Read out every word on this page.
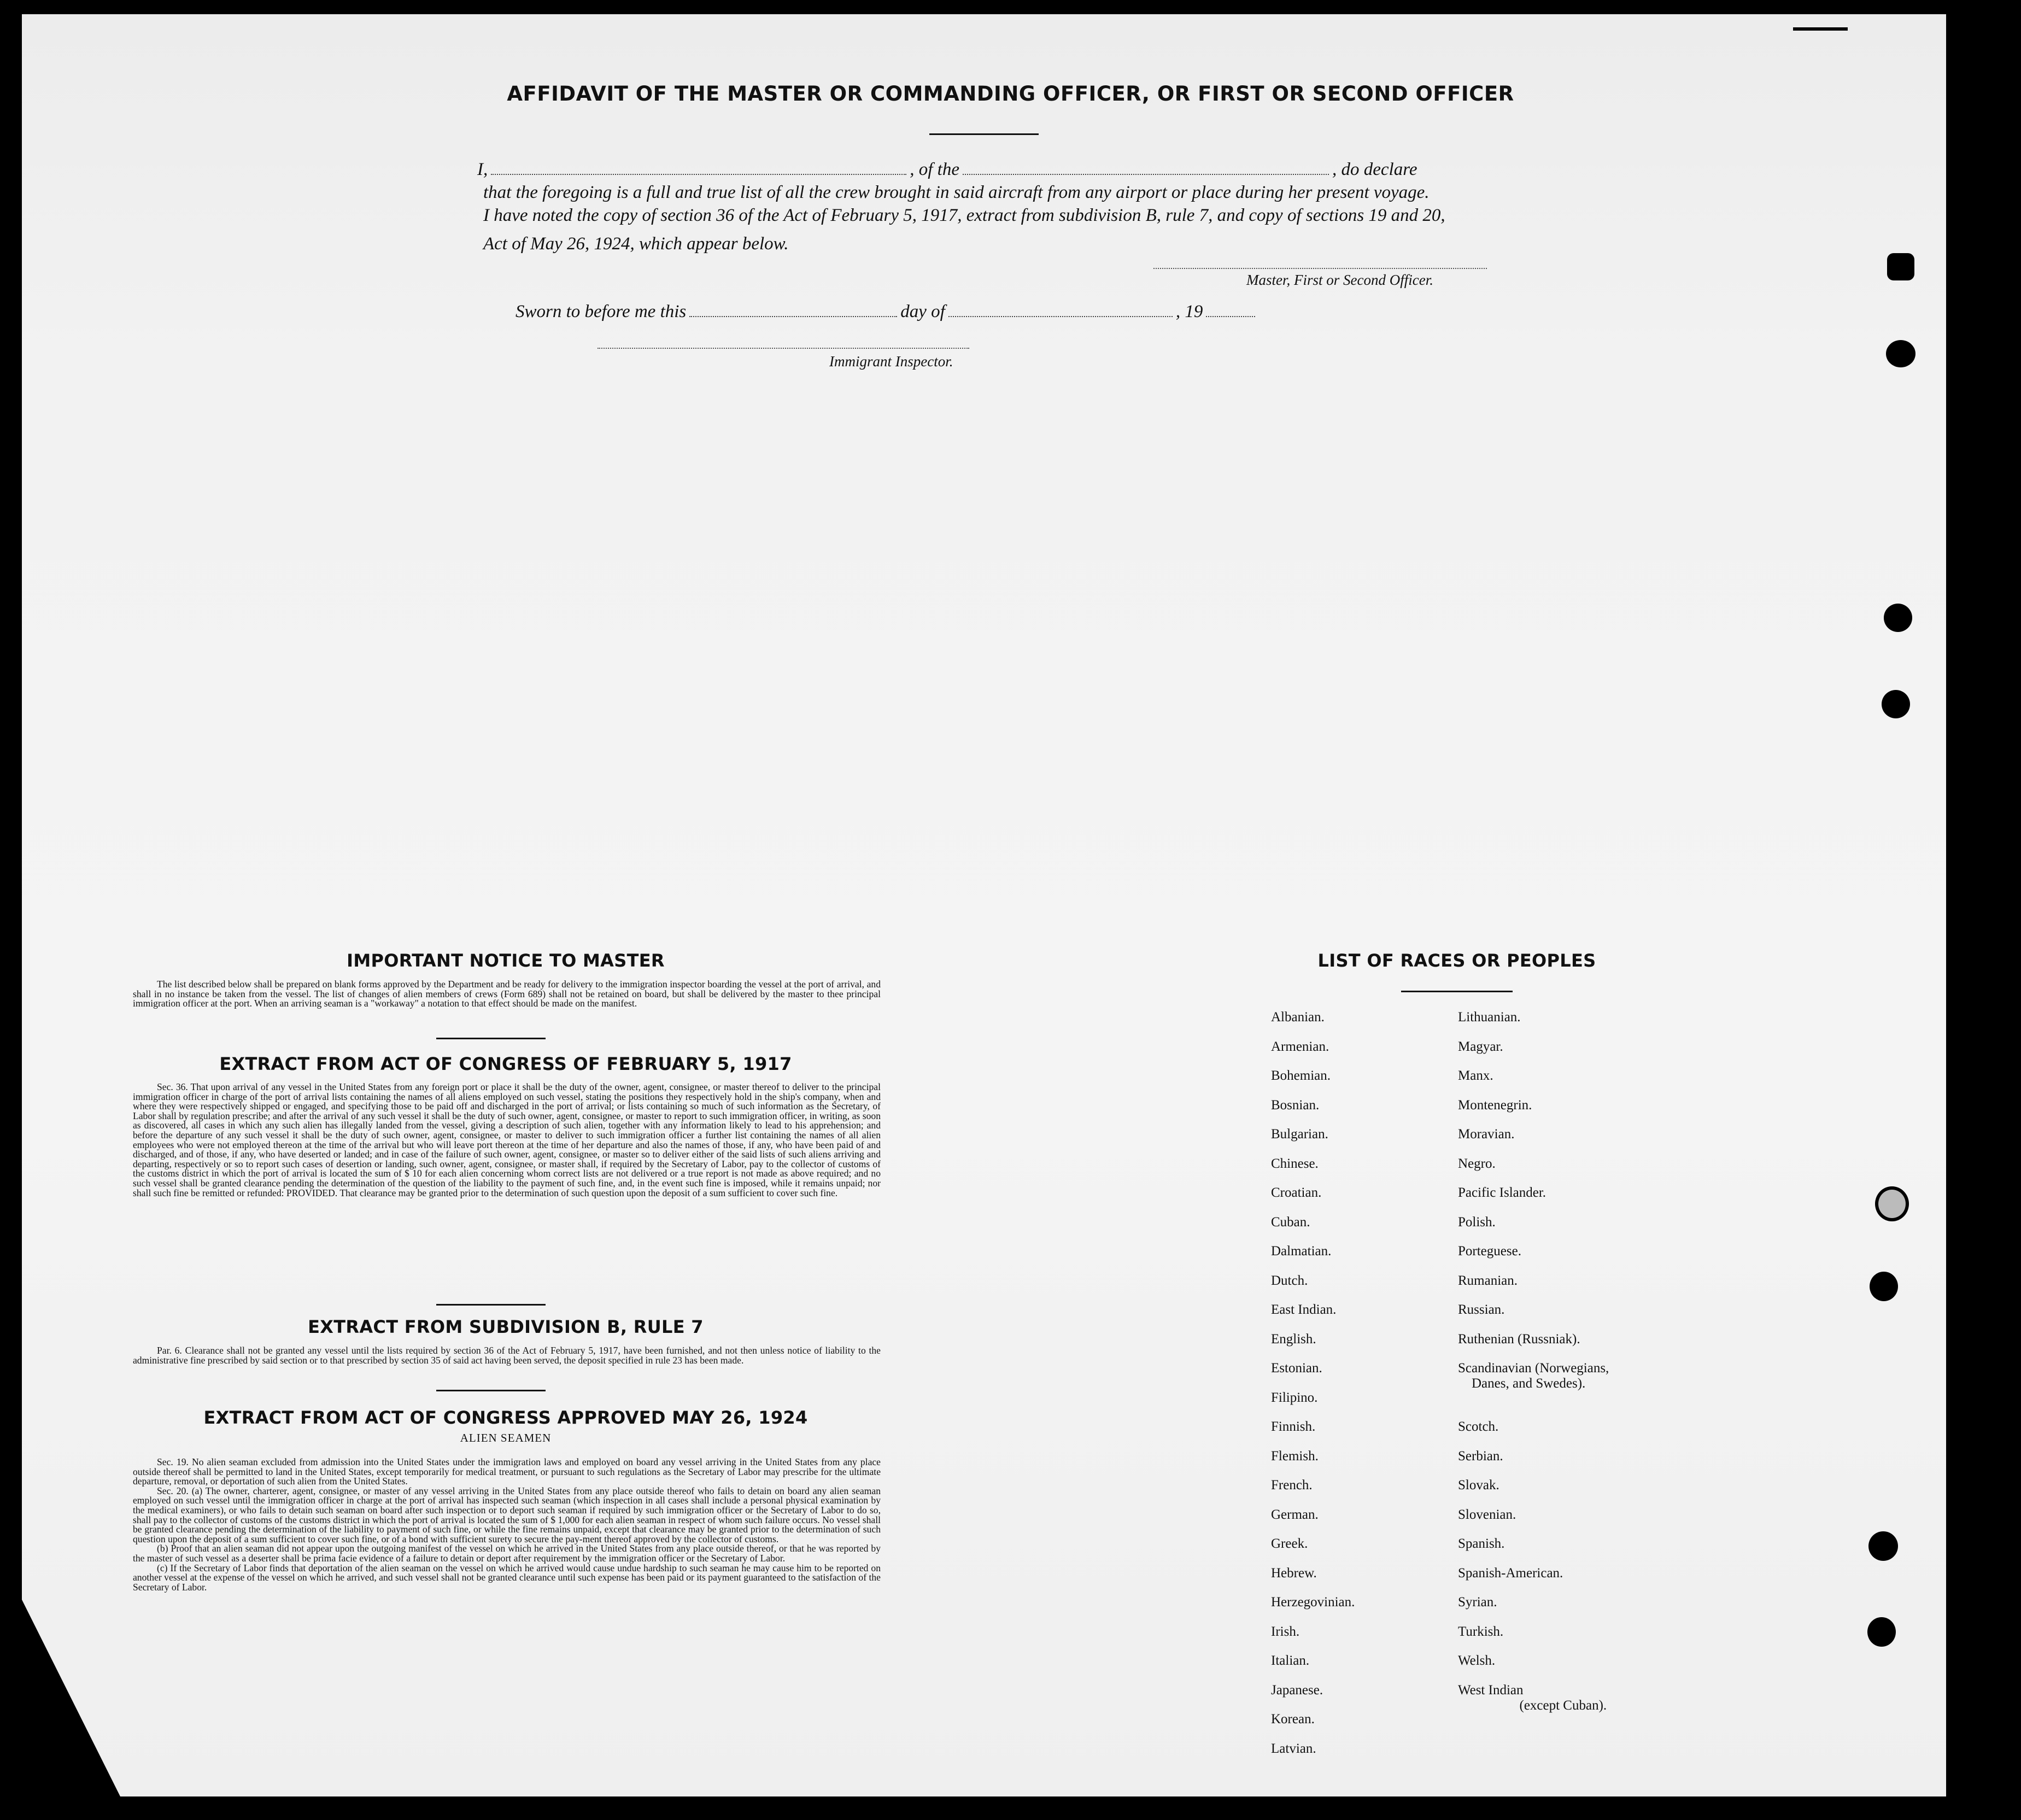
AFFIDAVIT OF THE MASTER OR COMMANDING OFFICER, OR FIRST OR SECOND OFFICER
I,	, of the	, do declare
that the foregoing is a full and true list of all the crew brought in said aircraft from any airport or place during her present voyage.
I have noted the copy of section 36 of the Act of February 5, 1917, extract from subdivision B, rule 7, and copy of sections 19 and 20,
Act of May 26, 1924, which appear below.
Master, First or Second Officer.
Sworn to before me this	day of	, 19
Immigrant Inspector.
IMPORTANT NOTICE TO MASTER

The list described below shall be prepared on blank forms approved by the Department and be ready for delivery to the immigration inspector boarding the vessel at the port of arrival, and shall in no instance be taken from the vessel. The list of changes of alien members of crews (Form 689) shall not be retained on board, but shall be delivered by the master to thee principal immigration officer at the port. When an arriving seaman is a "workaway" a notation to that effect should be made on the manifest.

EXTRACT FROM ACT OF CONGRESS OF FEBRUARY 5, 1917

Sec. 36. That upon arrival of any vessel in the United States from any foreign port or place it shall be the duty of the owner, agent, consignee, or master thereof to deliver to the principal immigration officer in charge of the port of arrival lists containing the names of all aliens employed on such vessel, stating the positions they respectively hold in the ship's company, when and where they were respectively shipped or engaged, and specifying those to be paid off and discharged in the port of arrival; or lists containing so much of such information as the Secretary, of Labor shall by regulation prescribe; and after the arrival of any such vessel it shall be the duty of such owner, agent, consignee, or master to report to such immigration officer, in writing, as soon as discovered, all cases in which any such alien has illegally landed from the vessel, giving a description of such alien, together with any information likely to lead to his apprehension; and before the departure of any such vessel it shall be the duty of such owner, agent, consignee, or master to deliver to such immigration officer a further list containing the names of all alien employees who were not employed thereon at the time of the arrival but who will leave port thereon at the time of her departure and also the names of those, if any, who have been paid of and discharged, and of those, if any, who have deserted or landed; and in case of the failure of such owner, agent, consignee, or master so to deliver either of the said lists of such aliens arriving and departing, respectively or so to report such cases of desertion or landing, such owner, agent, consignee, or master shall, if required by the Secretary of Labor, pay to the collector of customs of the customs district in which the port of arrival is located the sum of $ 10 for each alien concerning whom correct lists are not delivered or a true report is not made as above required; and no such vessel shall be granted clearance pending the determination of the question of the liability to the payment of such fine, and, in the event such fine is imposed, while it remains unpaid; nor shall such fine be remitted or refunded: PROVIDED. That clearance may be granted prior to the determination of such question upon the deposit of a sum sufficient to cover such fine.

EXTRACT FROM SUBDIVISION B, RULE 7

Par. 6. Clearance shall not be granted any vessel until the lists required by section 36 of the Act of February 5, 1917, have been furnished, and not then unless notice of liability to the administrative fine prescribed by said section or to that prescribed by section 35 of said act having been served, the deposit specified in rule 23 has been made.

EXTRACT FROM ACT OF CONGRESS APPROVED MAY 26, 1924
ALIEN SEAMEN

Sec. 19. No alien seaman excluded from admission into the United States under the immigration laws and employed on board any vessel arriving in the United States from any place outside thereof shall be permitted to land in the United States, except temporarily for medical treatment, or pursuant to such regulations as the Secretary of Labor may prescribe for the ultimate departure, removal, or deportation of such alien from the United States.

Sec. 20. (a) The owner, charterer, agent, consignee, or master of any vessel arriving in the United States from any place outside thereof who fails to detain on board any alien seaman employed on such vessel until the immigration officer in charge at the port of arrival has inspected such seaman (which inspection in all cases shall include a personal physical examination by the medical examiners), or who fails to detain such seaman on board after such inspection or to deport such seaman if required by such immigration officer or the Secretary of Labor to do so, shall pay to the collector of customs of the customs district in which the port of arrival is located the sum of $ 1,000 for each alien seaman in respect of whom such failure occurs. No vessel shall be granted clearance pending the determination of the liability to payment of such fine, or while the fine remains unpaid, except that clearance may be granted prior to the determination of such question upon the deposit of a sum sufficient to cover such fine, or of a bond with sufficient surety to secure the pay-ment thereof approved by the collector of customs.

(b) Proof that an alien seaman did not appear upon the outgoing manifest of the vessel on which he arrived in the United States from any place outside thereof, or that he was reported by the master of such vessel as a deserter shall be prima facie evidence of a failure to detain or deport after requirement by the immigration officer or the Secretary of Labor.

(c) If the Secretary of Labor finds that deportation of the alien seaman on the vessel on which he arrived would cause undue hardship to such seaman he may cause him to be reported on another vessel at the expense of the vessel on which he arrived, and such vessel shall not be granted clearance until such expense has been paid or its payment guaranteed to the satisfaction of the Secretary of Labor.

LIST OF RACES OR PEOPLES
Albanian.
Armenian.
Bohemian.
Bosnian.
Bulgarian.
Chinese.
Croatian.
Cuban.
Dalmatian.
Dutch.
East Indian.
English.
Estonian.
Filipino.
Finnish.
Flemish.
French.
German.
Greek.
Hebrew.
Herzegovinian.
Irish.
Italian.
Japanese.
Korean.
Latvian.
Lithuanian.
Magyar.
Manx.
Montenegrin.
Moravian.
Negro.
Pacific Islander.
Polish.
Porteguese.
Rumanian.
Russian.
Ruthenian (Russniak).
Scandinavian (Norwegians,
Danes, and Swedes).
Scotch.
Serbian.
Slovak.
Slovenian.
Spanish.
Spanish-American.
Syrian.
Turkish.
Welsh.
West Indian
(except Cuban).
